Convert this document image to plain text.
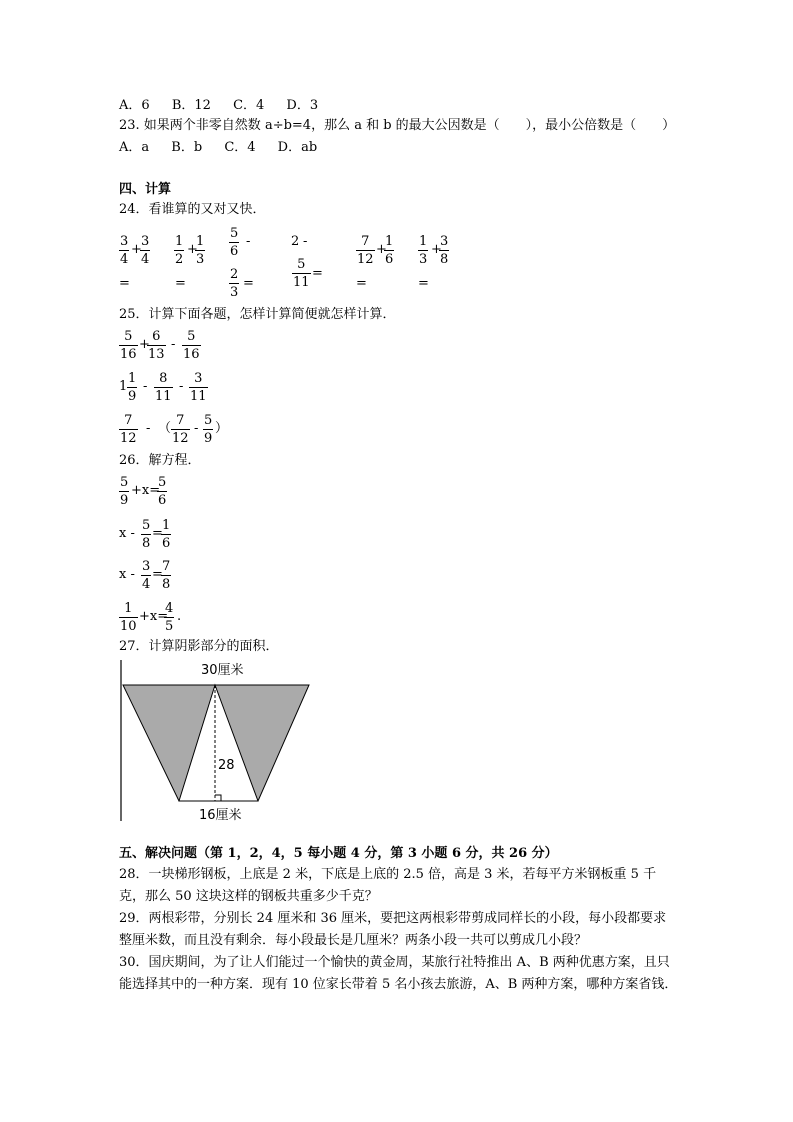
A．6 B．12 C．4 D．3
23. 如果两个非零自然数 a÷b=4，那么 a 和 b 的最大公因数是（　　），最小公倍数是（　　）
A．a B．b C．4 D．ab
四、计算
24．看谁算的又对又快．
3
4
+
3
4
=
1
2
+
1
3
=
5
6
-
2
3
=
2 -
5
11
=
7
12
+
1
6
=
1
3
+
3
8
=
25．计算下面各题，怎样计算简便就怎样计算．
5
16
+
6
13
-
5
16
1
1
9
-
8
11
-
3
11
7
12
- （
7
12
-
5
9
）
26．解方程．
5
9
+x=
5
6
x -
5
8
=
1
6
x -
3
4
=
7
8
1
10
+x=
4
5
.
27．计算阴影部分的面积．
30厘米
28
16厘米
五、解决问题（第 1，2，4，5 每小题 4 分，第 3 小题 6 分，共 26 分）
28．一块梯形钢板，上底是 2 米，下底是上底的 2.5 倍，高是 3 米，若每平方米钢板重 5 千克，那么 50 这块这样的钢板共重多少千克？
29．两根彩带，分别长 24 厘米和 36 厘米，要把这两根彩带剪成同样长的小段，每小段都要求整厘米数，而且没有剩余．每小段最长是几厘米？两条小段一共可以剪成几小段？
30．国庆期间，为了让人们能过一个愉快的黄金周，某旅行社特推出 A、B 两种优惠方案，且只能选择其中的一种方案．现有 10 位家长带着 5 名小孩去旅游，A、B 两种方案，哪种方案省钱．
